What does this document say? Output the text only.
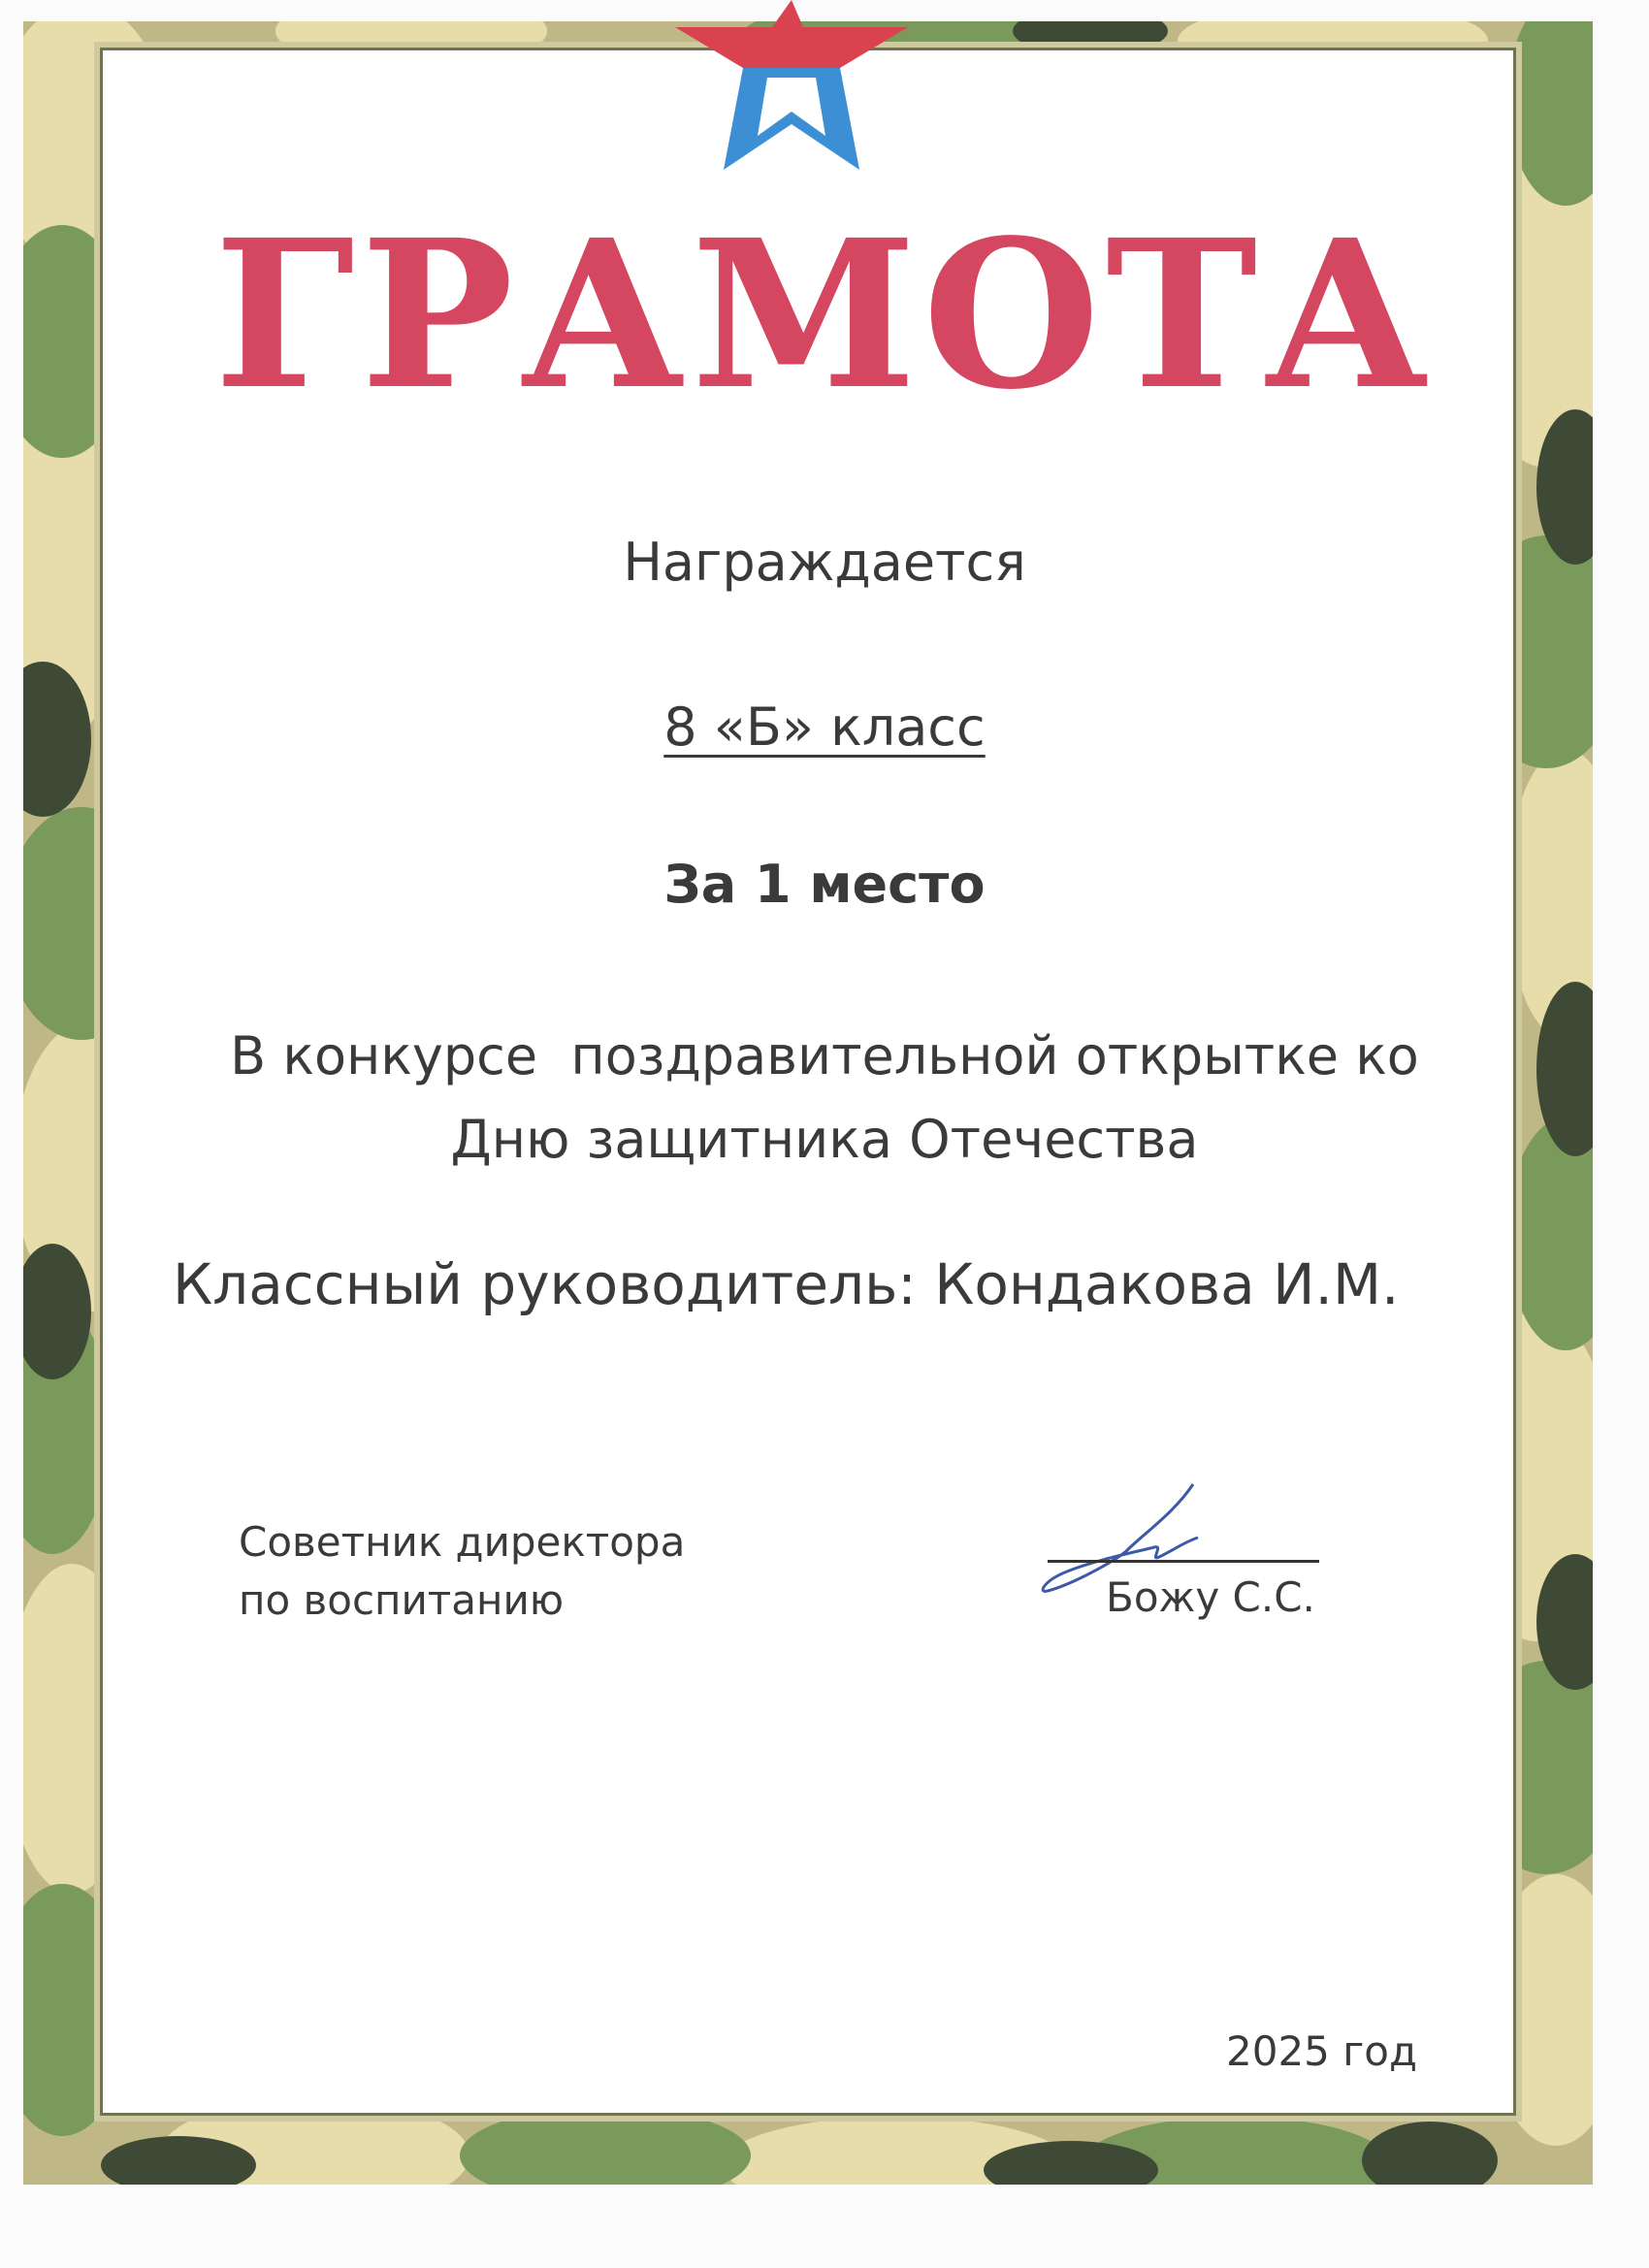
ГРАМОТА
Награждается
8 «Б» класс
За 1 место
В конкурсе  поздравительной открытке ко
Дню защитника Отечества
Классный руководитель: Кондакова И.М.
Советник директора
по воспитанию	Божу С.С.
2025 год
